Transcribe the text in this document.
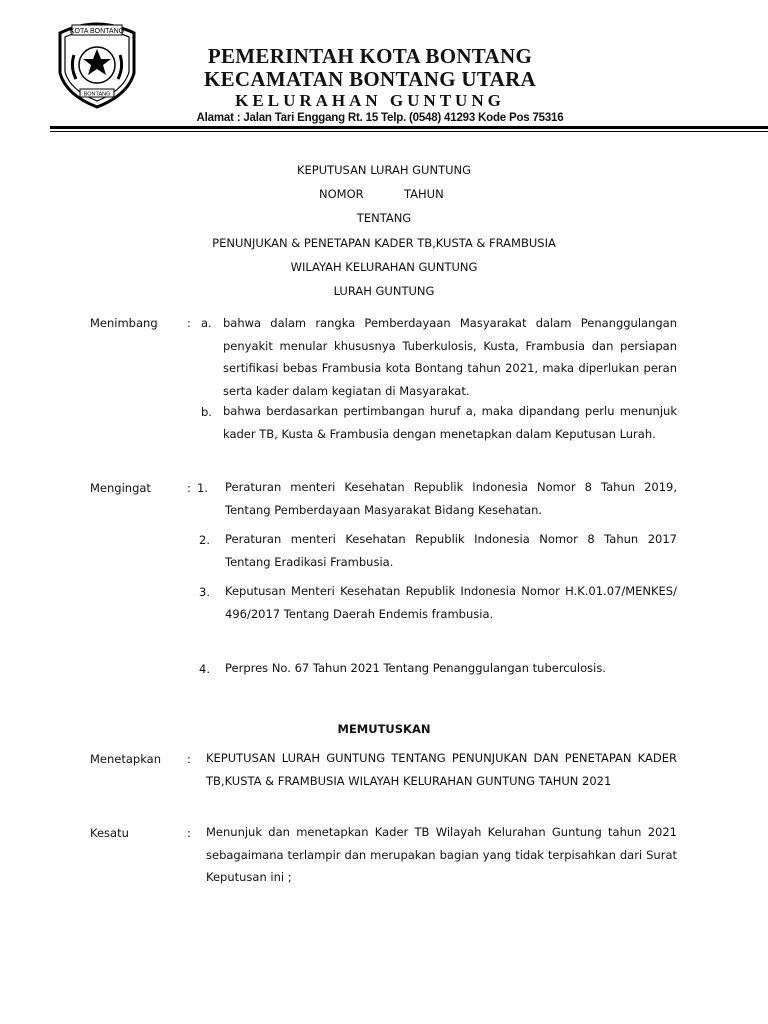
KOTA BONTANG
BONTANG
PEMERINTAH KOTA BONTANG
KECAMATAN BONTANG UTARA
KELURAHAN GUNTUNG
Alamat : Jalan Tari Enggang Rt. 15 Telp. (0548) 41293 Kode Pos 75316
KEPUTUSAN LURAH GUNTUNG
NOMOR	TAHUN
TENTANG
PENUNJUKAN & PENETAPAN KADER TB,KUSTA & FRAMBUSIA
WILAYAH KELURAHAN GUNTUNG
LURAH GUNTUNG
Menimbang	: a. bahwa dalam rangka Pemberdayaan Masyarakat dalam Penanggulangan penyakit menular khususnya Tuberkulosis, Kusta, Frambusia dan persiapan sertifikasi bebas Frambusia kota Bontang tahun 2021, maka diperlukan peran serta kader dalam kegiatan di Masyarakat.
b. bahwa berdasarkan pertimbangan huruf a, maka dipandang perlu menunjuk kader TB, Kusta & Frambusia dengan menetapkan dalam Keputusan Lurah.
Mengingat	: 1. Peraturan menteri Kesehatan Republik Indonesia Nomor 8 Tahun 2019, Tentang Pemberdayaan Masyarakat Bidang Kesehatan.
2. Peraturan menteri Kesehatan Republik Indonesia Nomor 8 Tahun 2017 Tentang Eradikasi Frambusia.
3. Keputusan Menteri Kesehatan Republik Indonesia Nomor H.K.01.07/MENKES/ 496/2017 Tentang Daerah Endemis frambusia.
4. Perpres No. 67 Tahun 2021 Tentang Penanggulangan tuberculosis.
MEMUTUSKAN
Menetapkan : KEPUTUSAN LURAH GUNTUNG TENTANG PENUNJUKAN DAN PENETAPAN KADER TB,KUSTA & FRAMBUSIA WILAYAH KELURAHAN GUNTUNG TAHUN 2021
Kesatu	: Menunjuk dan menetapkan Kader TB Wilayah Kelurahan Guntung tahun 2021 sebagaimana terlampir dan merupakan bagian yang tidak terpisahkan dari Surat Keputusan ini ;
